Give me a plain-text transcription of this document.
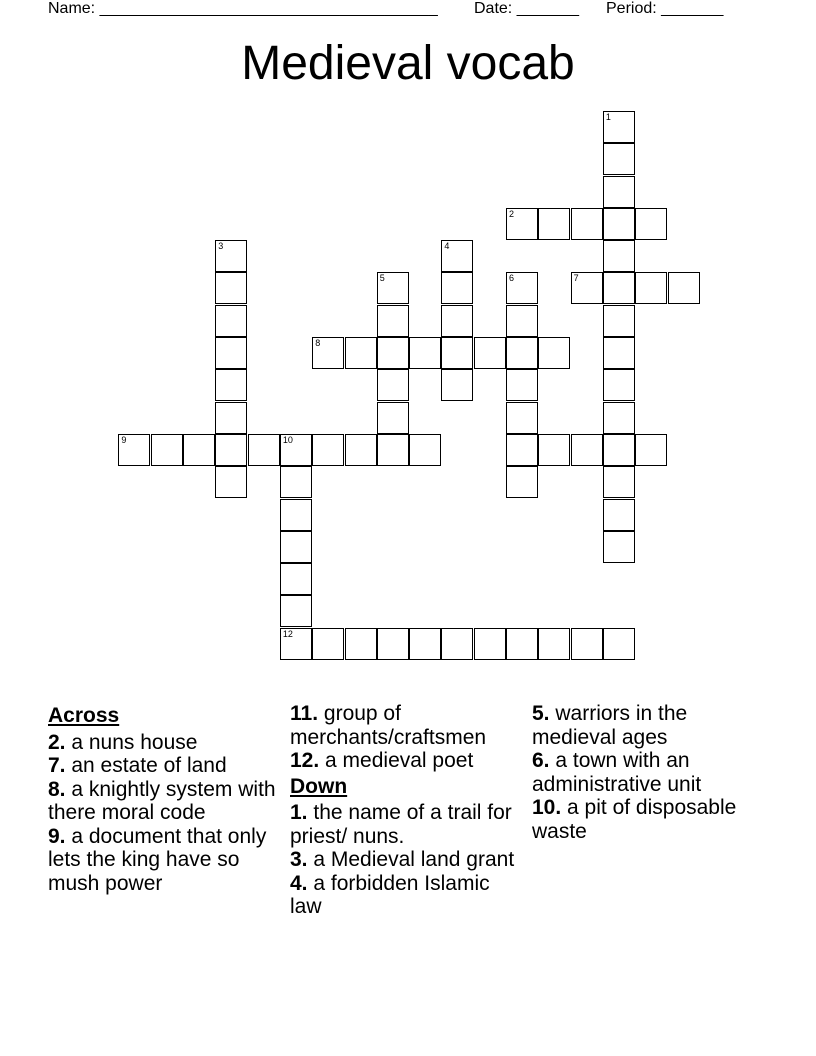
Name: ______________________________________ Date: _______ Period: _______
Medieval vocab
1
2
3	4
5	6	7
8
9	10
12
Across

2. a nuns house

7. an estate of land

8. a knightly system with there moral code

9. a document that only lets the king have so mush power

11. group of merchants/craftsmen

12. a medieval poet

Down

1. the name of a trail for priest/ nuns.

3. a Medieval land grant

4. a forbidden Islamic law

5. warriors in the medieval ages

6. a town with an administrative unit

10. a pit of disposable waste
